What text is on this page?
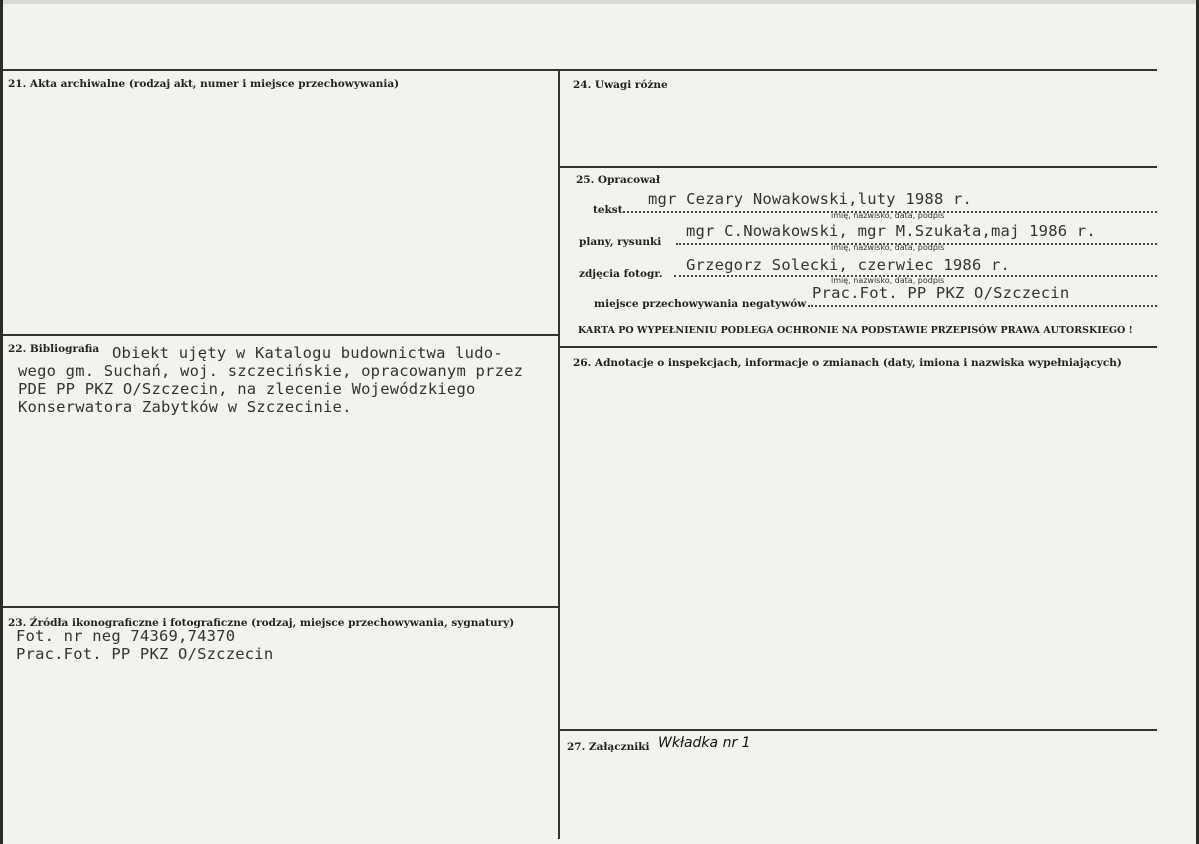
21. Akta archiwalne (rodzaj akt, numer i miejsce przechowywania)
22. Bibliografia Obiekt ujęty w Katalogu budownictwa ludo-
wego gm. Suchań, woj. szczecińskie, opracowanym przez
PDE PP PKZ O/Szczecin, na zlecenie Wojewódzkiego
Konserwatora Zabytków w Szczecinie.
23. Źródła ikonograficzne i fotograficzne (rodzaj, miejsce przechowywania, sygnatury)
Fot. nr neg 74369,74370
Prac.Fot. PP PKZ O/Szczecin
24. Uwagi różne
25. Opracował
tekst
mgr Cezary Nowakowski,luty 1988 r.
imię, nazwisko, data, podpis
plany, rysunki
mgr C.Nowakowski, mgr M.Szukała,maj 1986 r.
imię, nazwisko, data, podpis
zdjęcia fotogr. Grzegorz Solecki, czerwiec 1986 r.
imię, nazwisko, data, podpis
miejsce przechowywania negatywów
Prac.Fot. PP PKZ O/Szczecin
KARTA PO WYPEŁNIENIU PODLEGA OCHRONIE NA PODSTAWIE PRZEPISÓW PRAWA AUTORSKIEGO !
26. Adnotacje o inspekcjach, informacje o zmianach (daty, imiona i nazwiska wypełniających)
27. Załączniki Wkładka nr 1
